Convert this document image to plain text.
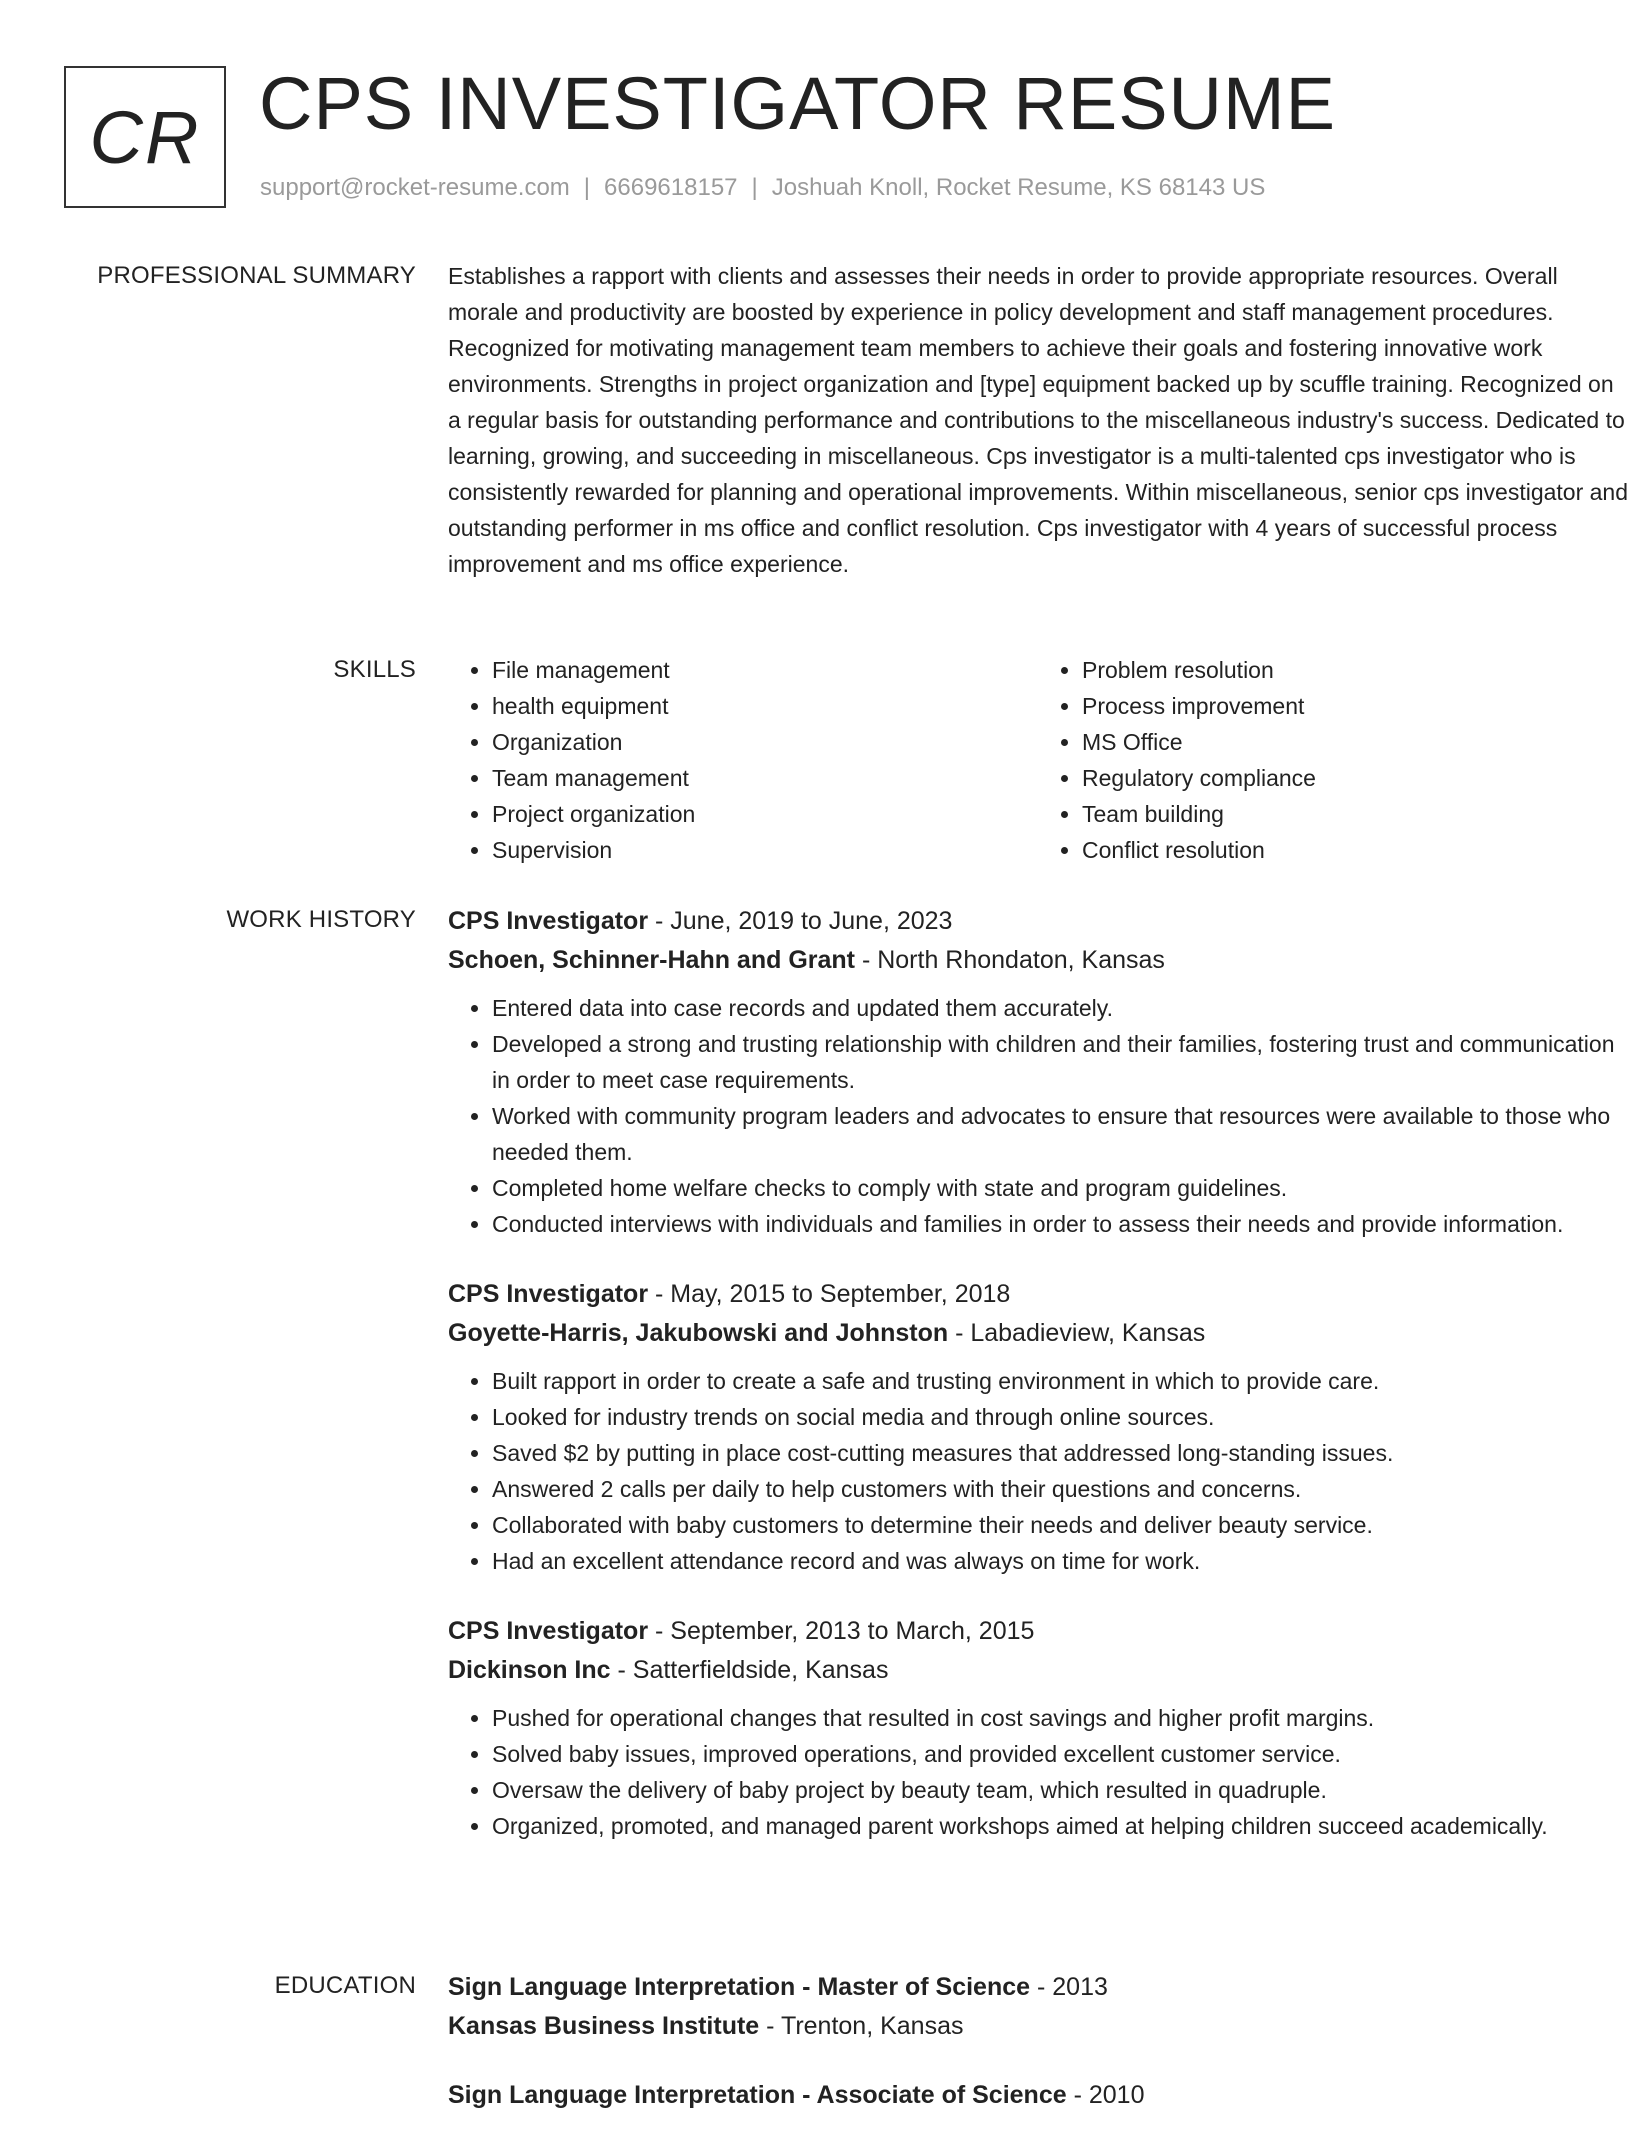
CR CPS INVESTIGATOR RESUME
support@rocket-resume.com | 6669618157 | Joshuah Knoll, Rocket Resume, KS 68143 US
PROFESSIONAL SUMMARY Establishes a rapport with clients and assesses their needs in order to provide appropriate resources. Overall morale and productivity are boosted by experience in policy development and staff management procedures. Recognized for motivating management team members to achieve their goals and fostering innovative work environments. Strengths in project organization and [type] equipment backed up by scuffle training. Recognized on a regular basis for outstanding performance and contributions to the miscellaneous industry's success. Dedicated to learning, growing, and succeeding in miscellaneous. Cps investigator is a multi-talented cps investigator who is consistently rewarded for planning and operational improvements. Within miscellaneous, senior cps investigator and outstanding performer in ms office and conflict resolution. Cps investigator with 4 years of successful process improvement and ms office experience.

SKILLS
•	File management
• health equipment
• Organization
• Team management
• Project organization
• Supervision
• Problem resolution
• Process improvement
• MS Office
• Regulatory compliance
• Team building
• Conflict resolution
WORK HISTORY CPS Investigator - June, 2019 to June, 2023
Schoen, Schinner-Hahn and Grant - North Rhondaton, Kansas
• Entered data into case records and updated them accurately.
• Developed a strong and trusting relationship with children and their families, fostering trust and communication in order to meet case requirements.
• Worked with community program leaders and advocates to ensure that resources were available to those who needed them.
• Completed home welfare checks to comply with state and program guidelines.
• Conducted interviews with individuals and families in order to assess their needs and provide information.
CPS Investigator - May, 2015 to September, 2018
Goyette-Harris, Jakubowski and Johnston - Labadieview, Kansas
• Built rapport in order to create a safe and trusting environment in which to provide care.
• Looked for industry trends on social media and through online sources.
• Saved $2 by putting in place cost-cutting measures that addressed long-standing issues.
• Answered 2 calls per daily to help customers with their questions and concerns.
• Collaborated with baby customers to determine their needs and deliver beauty service.
• Had an excellent attendance record and was always on time for work.
CPS Investigator - September, 2013 to March, 2015
Dickinson Inc - Satterfieldside, Kansas
• Pushed for operational changes that resulted in cost savings and higher profit margins.
• Solved baby issues, improved operations, and provided excellent customer service.
• Oversaw the delivery of baby project by beauty team, which resulted in quadruple.
• Organized, promoted, and managed parent workshops aimed at helping children succeed academically.
EDUCATION Sign Language Interpretation - Master of Science - 2013
Kansas Business Institute - Trenton, Kansas
Sign Language Interpretation - Associate of Science - 2010
